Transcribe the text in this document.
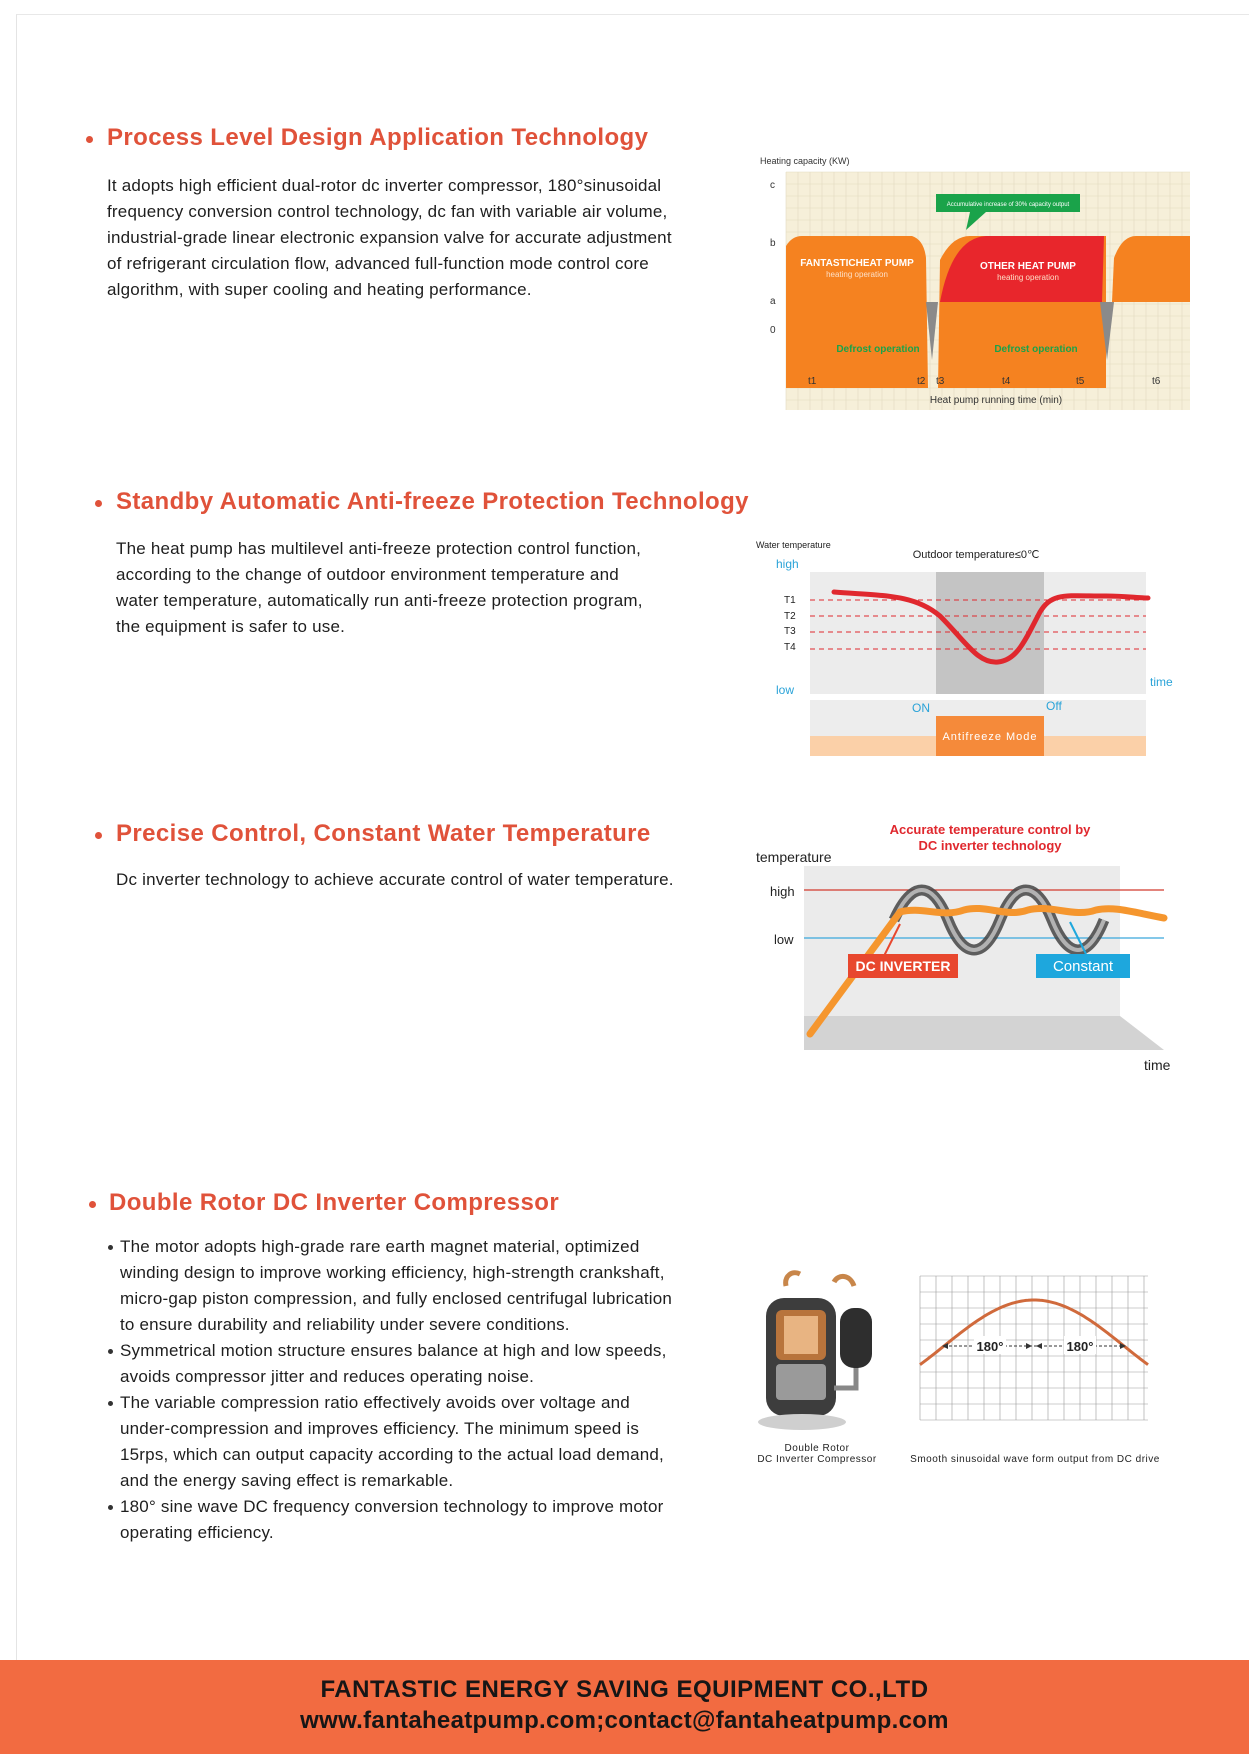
Process Level Design Application Technology
It adopts high efficient dual-rotor dc inverter compressor, 180°sinusoidal
frequency conversion control technology, dc fan with variable air volume,
industrial-grade linear electronic expansion valve for accurate adjustment
of refrigerant circulation flow, advanced full-function mode control core
algorithm, with super cooling and heating performance.
Heating capacity (KW)
Accumulative increase of 30% capacity output
c
b
a
0
FANTASTICHEAT PUMP
heating operation
OTHER HEAT PUMP
heating operation
Defrost operation	Defrost operation
t1	t2 t3	t4	t5	t6
Heat pump running time (min)
Standby Automatic Anti-freeze Protection Technology
The heat pump has multilevel anti-freeze protection control function,
according to the change of outdoor environment temperature and
water temperature, automatically run anti-freeze protection program,
the equipment is safer to use.
Water temperature
Outdoor temperature≤0℃
high
low
T1
T2
T3
T4
time
Antifreeze Mode
ON	Off
Precise Control, Constant Water Temperature
Dc inverter technology to achieve accurate control of water temperature.
Accurate temperature control by
DC inverter technology
temperature
high
low
DC INVERTER	Constant
time
Double Rotor DC Inverter Compressor
The motor adopts high-grade rare earth magnet material, optimized
winding design to improve working efficiency, high-strength crankshaft,
micro-gap piston compression, and fully enclosed centrifugal lubrication
to ensure durability and reliability under severe conditions.
Symmetrical motion structure ensures balance at high and low speeds,
avoids compressor jitter and reduces operating noise.
The variable compression ratio effectively avoids over voltage and
under-compression and improves efficiency. The minimum speed is
15rps, which can output capacity according to the actual load demand,
and the energy saving effect is remarkable.
180° sine wave DC frequency conversion technology to improve motor
operating efficiency.
Double Rotor
DC Inverter Compressor
180°	180°
Smooth sinusoidal wave form output from DC drive
FANTASTIC ENERGY SAVING EQUIPMENT CO.,LTD
www.fantaheatpump.com;contact@fantaheatpump.com
